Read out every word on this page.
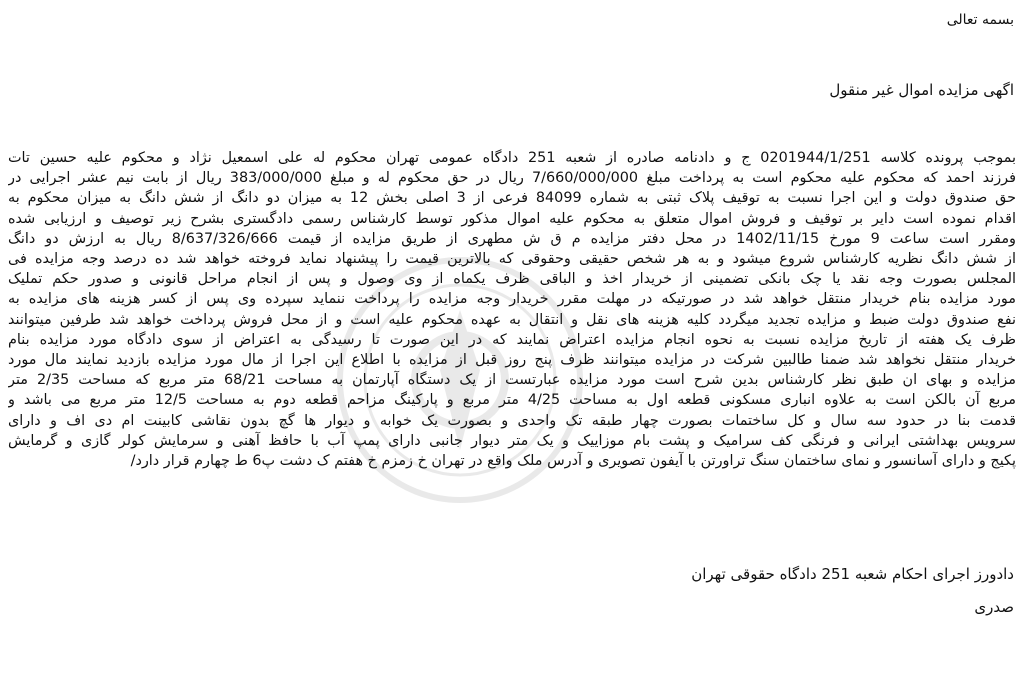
بسمه تعالی

اگهی مزایده اموال غیر منقول

بموجب پرونده کلاسه 0201944/1/251 ج و دادنامه صادره از شعبه 251 دادگاه عمومی تهران محکوم له علی اسمعیل نژاد و محکوم علیه حسین تات
فرزند احمد که محکوم علیه محکوم است به پرداخت مبلغ 7/660/000/000 ریال در حق محکوم له و مبلغ 383/000/000 ریال از بابت نیم عشر اجرایی در
حق صندوق دولت و این اجرا نسبت به توقیف پلاک ثبتی به شماره 84099 فرعی از 3 اصلی بخش 12 به میزان دو دانگ از شش دانگ به میزان محکوم به
اقدام نموده است دایر بر توقیف و فروش اموال متعلق به محکوم علیه اموال مذکور توسط کارشناس رسمی دادگستری بشرح زیر توصیف و ارزیابی شده
ومقرر است ساعت 9 مورخ 1402/11/15 در محل دفتر مزایده م ق ش مطهری از طریق مزایده از قیمت 8/637/326/666 ریال به ارزش دو دانگ
از شش دانگ نظریه کارشناس شروع میشود و به هر شخص حقیقی وحقوقی که بالاترین قیمت را پیشنهاد نماید فروخته خواهد شد ده درصد وجه مزایده فی
المجلس بصورت وجه نقد یا چک بانکی تضمینی از خریدار اخذ و الباقی ظرف یکماه از وی وصول و پس از انجام مراحل قانونی و صدور حکم تملیک
مورد مزایده بنام خریدار منتقل خواهد شد در صورتیکه در مهلت مقرر خریدار وجه مزایده را پرداخت ننماید سپرده وی پس از کسر هزینه های مزایده به
نفع صندوق دولت ضبط و مزایده تجدید میگردد کلیه هزینه های نقل و انتقال به عهده محکوم علیه است و از محل فروش پرداخت خواهد شد طرفین میتوانند
ظرف یک هفته از تاریخ مزایده نسبت به نحوه انجام مزایده اعتراض نمایند که در این صورت تا رسیدگی به اعتراض از سوی دادگاه مورد مزایده بنام
خریدار منتقل نخواهد شد ضمنا طالبین شرکت در مزایده میتوانند ظرف پنج روز قبل از مزایده با اطلاع این اجرا از مال مورد مزایده بازدید نمایند مال مورد
مزایده و بهای ان طبق نظر کارشناس بدین شرح است مورد مزایده عبارتست از یک دستگاه آپارتمان به مساحت 68/21 متر مربع که مساحت 2/35 متر
مربع آن بالکن است به علاوه انباری مسکونی قطعه اول به مساحت 4/25 متر مربع و پارکینگ مزاحم قطعه دوم به مساحت 12/5 متر مربع می باشد و
قدمت بنا در حدود سه سال و کل ساختمات بصورت چهار طبقه تک واحدی و بصورت یک خوابه و دیوار ها گچ بدون نقاشی کابینت ام دی اف و دارای
سرویس بهداشتی ایرانی و فرنگی کف سرامیک و پشت بام موزاییک و یک متر دیوار جانبی دارای پمپ آب با حافظ آهنی و سرمایش کولر گازی و گرمایش
پکیج و دارای آسانسور و نمای ساختمان سنگ تراورتن با آیفون تصویری و آدرس ملک واقع در تهران خ زمزم خ هفتم ک دشت پ6 ط چهارم قرار دارد/

دادورز اجرای احکام شعبه 251 دادگاه حقوقی تهران

صدری
